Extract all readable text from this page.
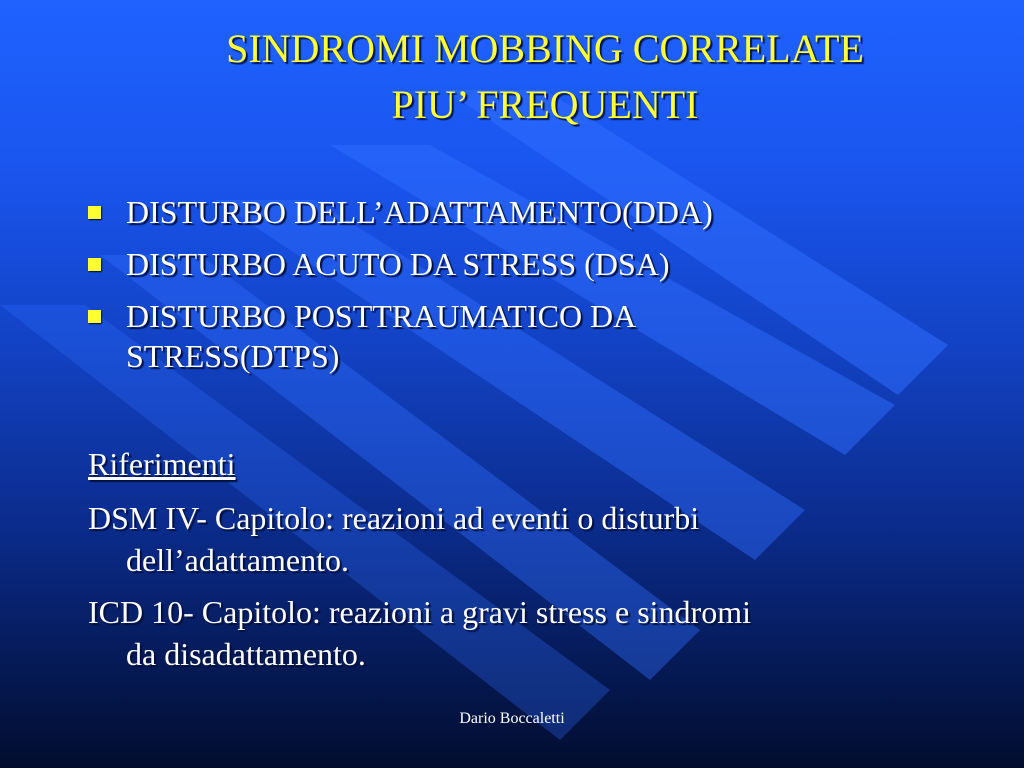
SINDROMI MOBBING CORRELATE
PIU’ FREQUENTI
DISTURBO DELL’ADATTAMENTO(DDA)
DISTURBO ACUTO DA STRESS (DSA)
DISTURBO POSTTRAUMATICO DA
STRESS(DTPS)
Riferimenti
DSM IV- Capitolo: reazioni ad eventi o disturbi
dell’adattamento.
ICD 10- Capitolo: reazioni a gravi stress e sindromi
da disadattamento.
Dario Boccaletti
